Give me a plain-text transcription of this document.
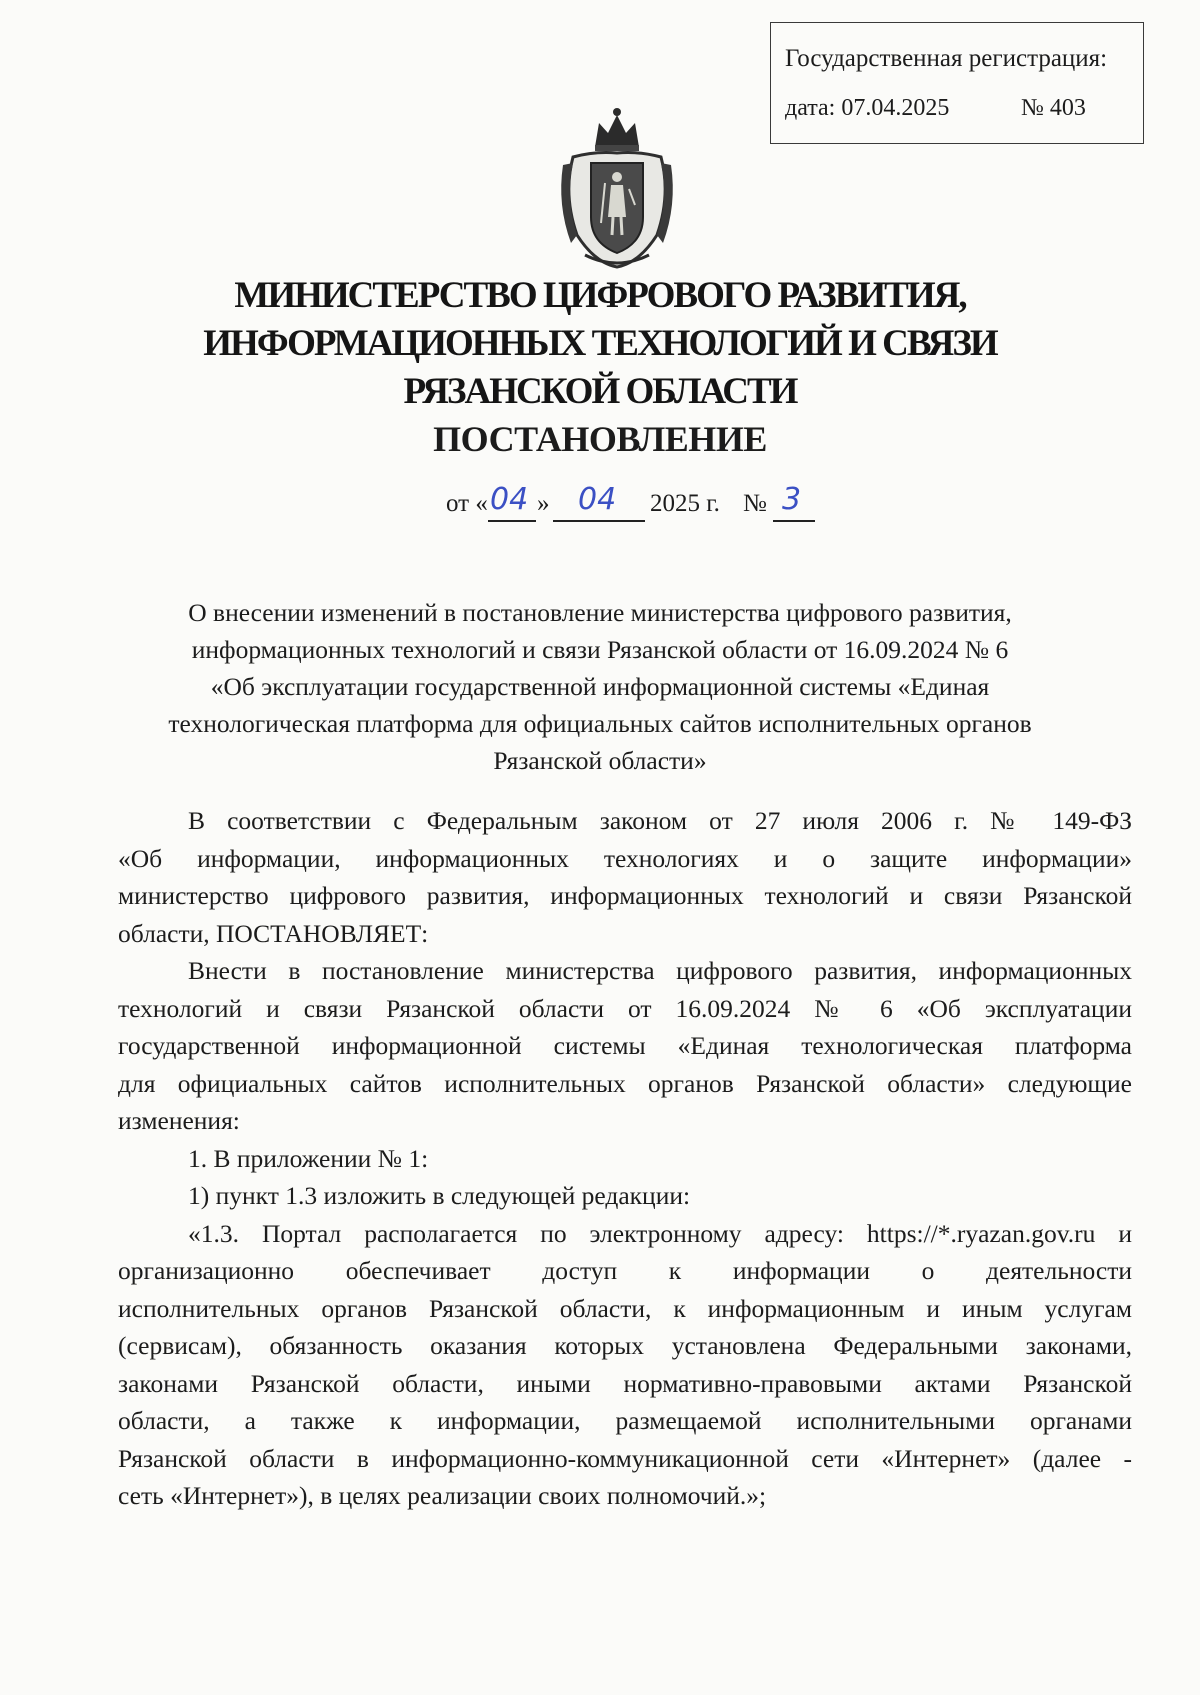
Государственная регистрация:
дата: 07.04.2025	№ 403
МИНИСТЕРСТВО ЦИФРОВОГО РАЗВИТИЯ,
ИНФОРМАЦИОННЫХ ТЕХНОЛОГИЙ И СВЯЗИ
РЯЗАНСКОЙ ОБЛАСТИ
ПОСТАНОВЛЕНИЕ
от « 04 » 04 2025 г. № 3
О внесении изменений в постановление министерства цифрового развития,
информационных технологий и связи Рязанской области от 16.09.2024 № 6
«Об эксплуатации государственной информационной системы «Единая
технологическая платформа для официальных сайтов исполнительных органов
Рязанской области»
В соответствии с Федеральным законом от 27 июля 2006 г. № 149-ФЗ
«Об информации, информационных технологиях и о защите информации»
министерство цифрового развития, информационных технологий и связи Рязанской
области, ПОСТАНОВЛЯЕТ:
Внести в постановление министерства цифрового развития, информационных
технологий и связи Рязанской области от 16.09.2024 № 6 «Об эксплуатации
государственной информационной системы «Единая технологическая платформа
для официальных сайтов исполнительных органов Рязанской области» следующие
изменения:
1. В приложении № 1:
1) пункт 1.3 изложить в следующей редакции:
«1.3. Портал располагается по электронному адресу: https://*.ryazan.gov.ru и
организационно обеспечивает доступ к информации о деятельности
исполнительных органов Рязанской области, к информационным и иным услугам
(сервисам), обязанность оказания которых установлена Федеральными законами,
законами Рязанской области, иными нормативно-правовыми актами Рязанской
области, а также к информации, размещаемой исполнительными органами
Рязанской области в информационно-коммуникационной сети «Интернет» (далее -
сеть «Интернет»), в целях реализации своих полномочий.»;
